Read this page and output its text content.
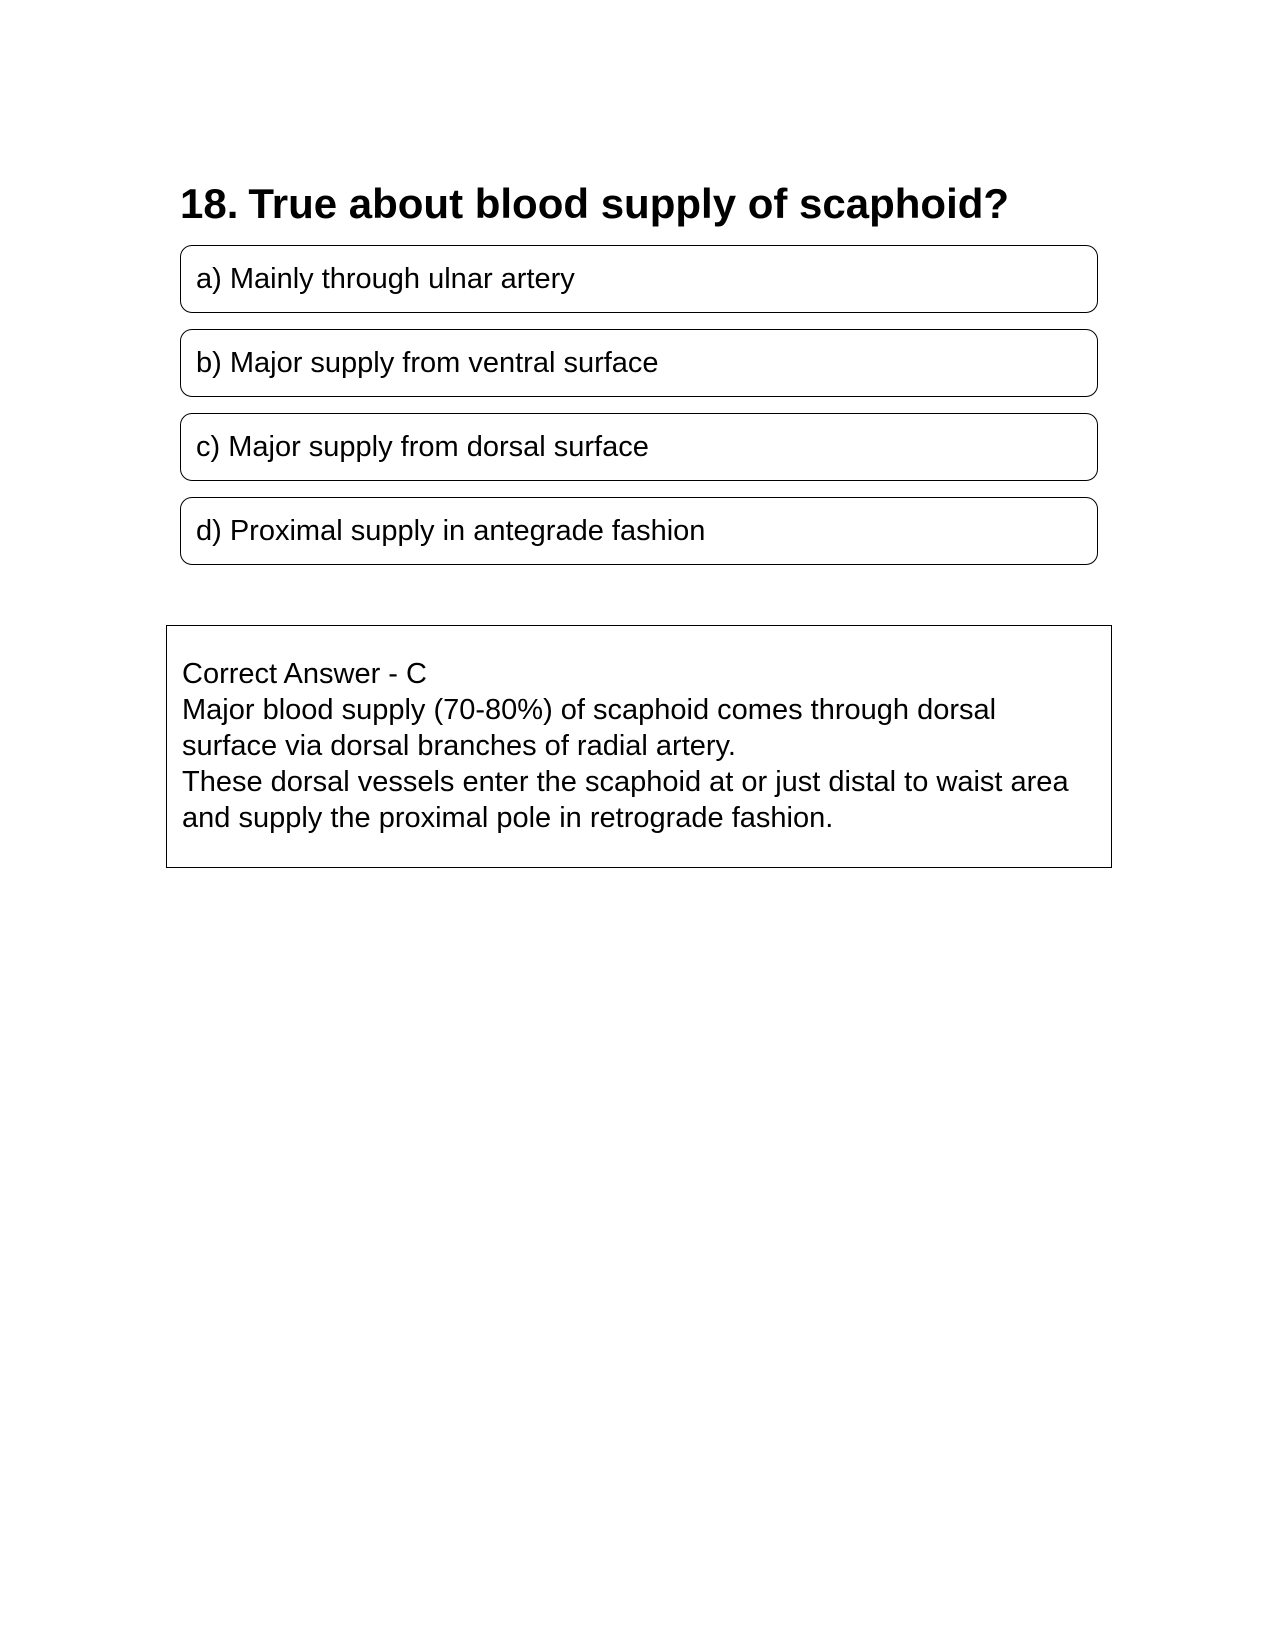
18. True about blood supply of scaphoid?
a) Mainly through ulnar artery
b) Major supply from ventral surface
c) Major supply from dorsal surface
d) Proximal supply in antegrade fashion

Correct Answer - C

Major blood supply (70-80%) of scaphoid comes through dorsal surface via dorsal branches of radial artery.

These dorsal vessels enter the scaphoid at or just distal to waist area and supply the proximal pole in retrograde fashion.
